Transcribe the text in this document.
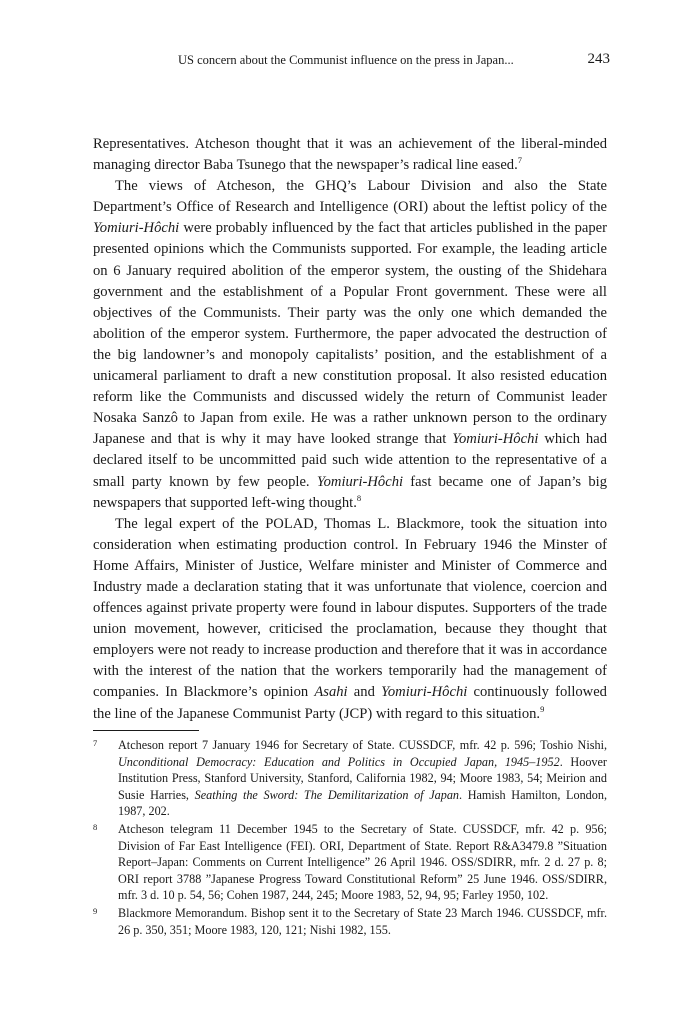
US concern about the Communist influence on the press in Japan...	243

Representatives. Atcheson thought that it was an achievement of the liberal-minded managing director Baba Tsunego that the newspaper’s radical line eased.$^7$

The views of Atcheson, the GHQ’s Labour Division and also the State Department’s Office of Research and Intelligence (ORI) about the leftist policy of the Yomiuri-Hôchi were probably influenced by the fact that articles published in the paper presented opinions which the Communists supported. For example, the leading article on 6 January required abolition of the emperor system, the ousting of the Shidehara government and the establishment of a Popular Front government. These were all objectives of the Communists. Their party was the only one which demanded the abolition of the emperor system. Furthermore, the paper advocated the destruction of the big landowner’s and monopoly capitalists’ position, and the establishment of a unicameral parliament to draft a new constitution proposal. It also resisted education reform like the Communists and discussed widely the return of Communist leader Nosaka Sanzô to Japan from exile. He was a rather unknown person to the ordinary Japanese and that is why it may have looked strange that Yomiuri-Hôchi which had declared itself to be uncommitted paid such wide attention to the representative of a small party known by few people. Yomiuri-Hôchi fast became one of Japan’s big newspapers that supported left-wing thought.$^8$

The legal expert of the POLAD, Thomas L. Blackmore, took the situation into consideration when estimating production control. In February 1946 the Minster of Home Affairs, Minister of Justice, Welfare minister and Minister of Commerce and Industry made a declaration stating that it was unfortunate that violence, coercion and offences against private property were found in labour disputes. Supporters of the trade union movement, however, criticised the proclamation, because they thought that employers were not ready to increase production and therefore that it was in accordance with the interest of the nation that the workers temporarily had the management of companies. In Blackmore’s opinion Asahi and Yomiuri-Hôchi continuously followed the line of the Japanese Communist Party (JCP) with regard to this situation.$^9$

7 Atcheson report 7 January 1946 for Secretary of State. CUSSDCF, mfr. 42 p. 596; Toshio Nishi, Unconditional Democracy: Education and Politics in Occupied Japan, 1945–1952. Hoover Institution Press, Stanford University, Stanford, California 1982, 94; Moore 1983, 54; Meirion and Susie Harries, Seathing the Sword: The Demilitarization of Japan. Hamish Hamilton, London, 1987, 202.
8 Atcheson telegram 11 December 1945 to the Secretary of State. CUSSDCF, mfr. 42 p. 956; Division of Far East Intelligence (FEI). ORI, Department of State. Report R&A3479.8 ”Situation Report–Japan: Comments on Current Intelligence” 26 April 1946. OSS/SDIRR, mfr. 2 d. 27 p. 8; ORI report 3788 ”Japanese Progress Toward Constitutional Reform” 25 June 1946. OSS/SDIRR, mfr. 3 d. 10 p. 54, 56; Cohen 1987, 244, 245; Moore 1983, 52, 94, 95; Farley 1950, 102.
9 Blackmore Memorandum. Bishop sent it to the Secretary of State 23 March 1946. CUSSDCF, mfr. 26 p. 350, 351; Moore 1983, 120, 121; Nishi 1982, 155.
